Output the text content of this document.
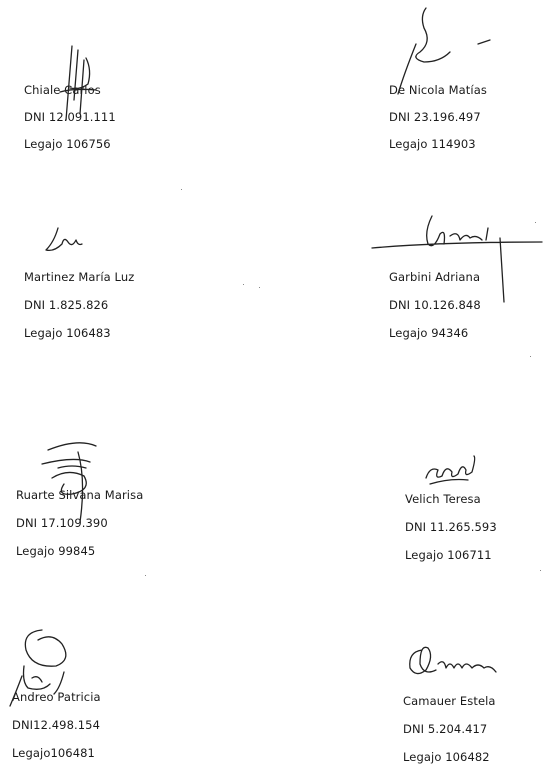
Chiale Carlos
DNI 12.091.111
Legajo 106756
De Nicola Matías
DNI 23.196.497
Legajo 114903
Martinez María Luz
DNI 1.825.826
Legajo 106483
Garbini Adriana
DNI 10.126.848
Legajo 94346
Ruarte Silvana Marisa
DNI 17.109.390
Legajo 99845
Velich Teresa
DNI 11.265.593
Legajo 106711
Andreo Patricia
DNI12.498.154
Legajo106481
Camauer Estela
DNI 5.204.417
Legajo 106482
